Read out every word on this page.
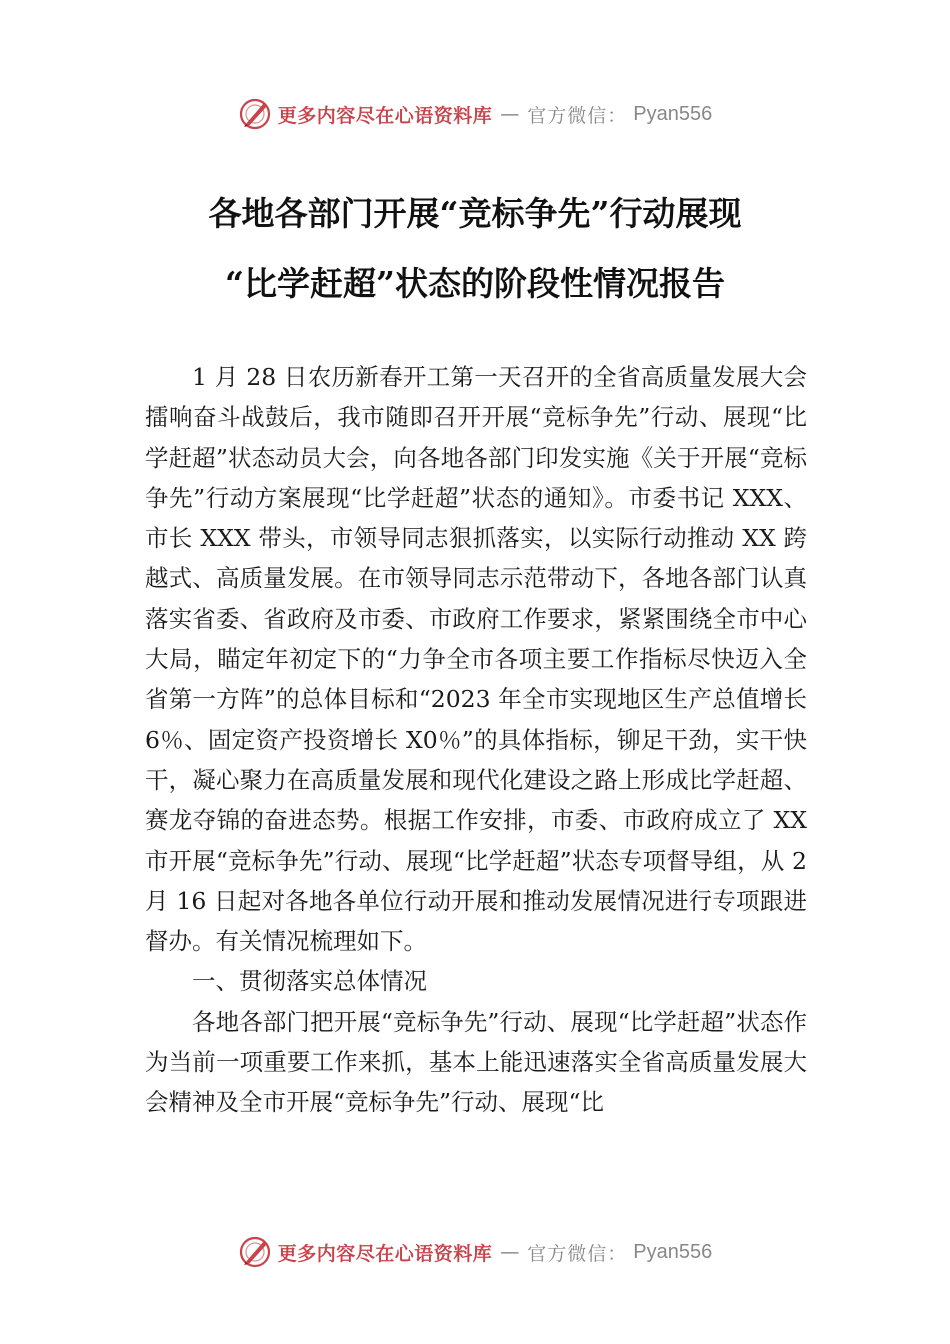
更多内容尽在心语资料库 — 官方微信： Pyan556
各地各部门开展“竞标争先”行动展现
“比学赶超”状态的阶段性情况报告

1 月 28 日农历新春开工第一天召开的全省高质量发展大会擂响奋斗战鼓后，我市随即召开开展“竞标争先”行动、展现“比学赶超”状态动员大会，向各地各部门印发实施《关于开展“竞标争先”行动方案展现“比学赶超”状态的通知》。市委书记 XXX、市长 XXX 带头，市领导同志狠抓落实，以实际行动推动 XX 跨越式、高质量发展。在市领导同志示范带动下，各地各部门认真落实省委、省政府及市委、市政府工作要求，紧紧围绕全市中心大局，瞄定年初定下的“力争全市各项主要工作指标尽快迈入全省第一方阵”的总体目标和“2023 年全市实现地区生产总值增长 6％、固定资产投资增长 X0％”的具体指标，铆足干劲，实干快干，凝心聚力在高质量发展和现代化建设之路上形成比学赶超、赛龙夺锦的奋进态势。根据工作安排，市委、市政府成立了 XX 市开展“竞标争先”行动、展现“比学赶超”状态专项督导组，从 2 月 16 日起对各地各单位行动开展和推动发展情况进行专项跟进督办。有关情况梳理如下。

一、贯彻落实总体情况

各地各部门把开展“竞标争先”行动、展现“比学赶超”状态作为当前一项重要工作来抓，基本上能迅速落实全省高质量发展大会精神及全市开展“竞标争先”行动、展现“比

更多内容尽在心语资料库 — 官方微信： Pyan556
